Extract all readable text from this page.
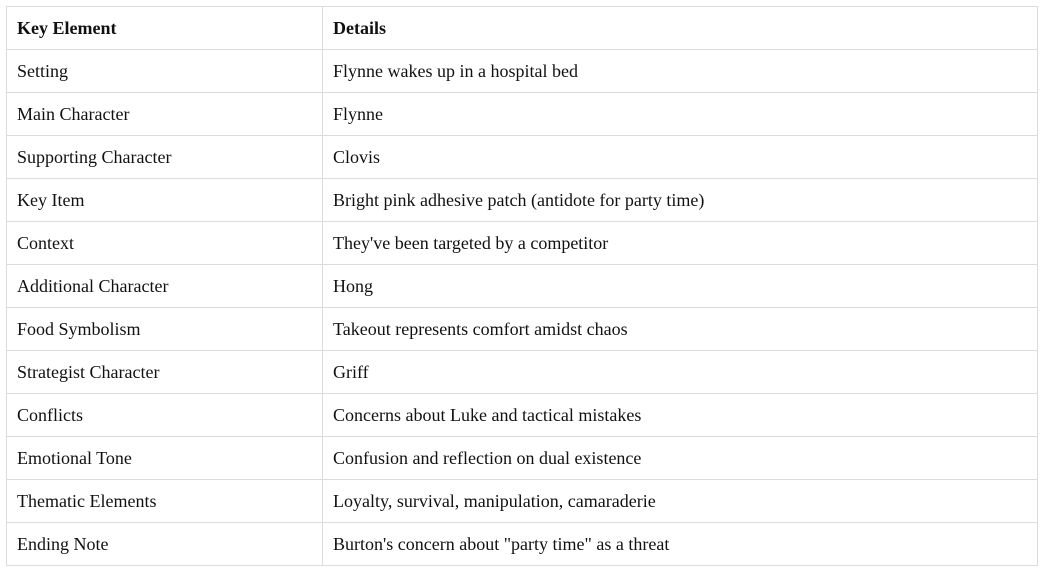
Key Element	Details
Setting	Flynne wakes up in a hospital bed
Main Character	Flynne
Supporting Character	Clovis
Key Item	Bright pink adhesive patch (antidote for party time)
Context	They've been targeted by a competitor
Additional Character	Hong
Food Symbolism	Takeout represents comfort amidst chaos
Strategist Character	Griff
Conflicts	Concerns about Luke and tactical mistakes
Emotional Tone	Confusion and reflection on dual existence
Thematic Elements	Loyalty, survival, manipulation, camaraderie
Ending Note	Burton's concern about "party time" as a threat
